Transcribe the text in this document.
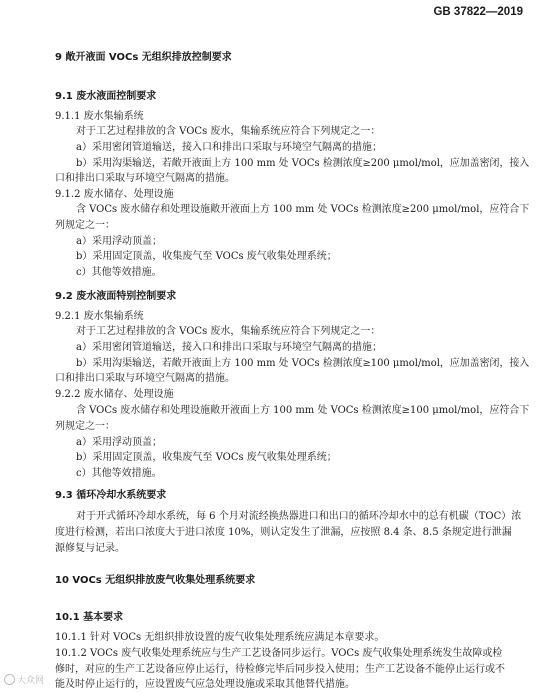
GB 37822—2019
9 敞开液面 VOCs 无组织排放控制要求
9.1 废水液面控制要求
9.1.1 废水集输系统
对于工艺过程排放的含 VOCs 废水，集输系统应符合下列规定之一：
a）采用密闭管道输送，接入口和排出口采取与环境空气隔离的措施；
b）采用沟渠输送，若敞开液面上方 100 mm 处 VOCs 检测浓度≥200 μmol/mol，应加盖密闭，接入
口和排出口采取与环境空气隔离的措施。
9.1.2 废水储存、处理设施
含 VOCs 废水储存和处理设施敞开液面上方 100 mm 处 VOCs 检测浓度≥200 μmol/mol，应符合下
列规定之一：
a）采用浮动顶盖；
b）采用固定顶盖，收集废气至 VOCs 废气收集处理系统；
c）其他等效措施。
9.2 废水液面特别控制要求
9.2.1 废水集输系统
对于工艺过程排放的含 VOCs 废水，集输系统应符合下列规定之一：
a）采用密闭管道输送，接入口和排出口采取与环境空气隔离的措施；
b）采用沟渠输送，若敞开液面上方 100 mm 处 VOCs 检测浓度≥100 μmol/mol，应加盖密闭，接入
口和排出口采取与环境空气隔离的措施。
9.2.2 废水储存、处理设施
含 VOCs 废水储存和处理设施敞开液面上方 100 mm 处 VOCs 检测浓度≥100 μmol/mol，应符合下
列规定之一：
a）采用浮动顶盖；
b）采用固定顶盖，收集废气至 VOCs 废气收集处理系统；
c）其他等效措施。
9.3 循环冷却水系统要求
对于开式循环冷却水系统，每 6 个月对流经换热器进口和出口的循环冷却水中的总有机碳（TOC）浓
度进行检测，若出口浓度大于进口浓度 10%，则认定发生了泄漏，应按照 8.4 条、8.5 条规定进行泄漏
源修复与记录。
10 VOCs 无组织排放废气收集处理系统要求
10.1 基本要求
10.1.1 针对 VOCs 无组织排放设置的废气收集处理系统应满足本章要求。
10.1.2 VOCs 废气收集处理系统应与生产工艺设备同步运行。VOCs 废气收集处理系统发生故障或检
修时，对应的生产工艺设备应停止运行，待检修完毕后同步投入使用；生产工艺设备不能停止运行或不
能及时停止运行的，应设置废气应急处理设施或采取其他替代措施。
大众网
